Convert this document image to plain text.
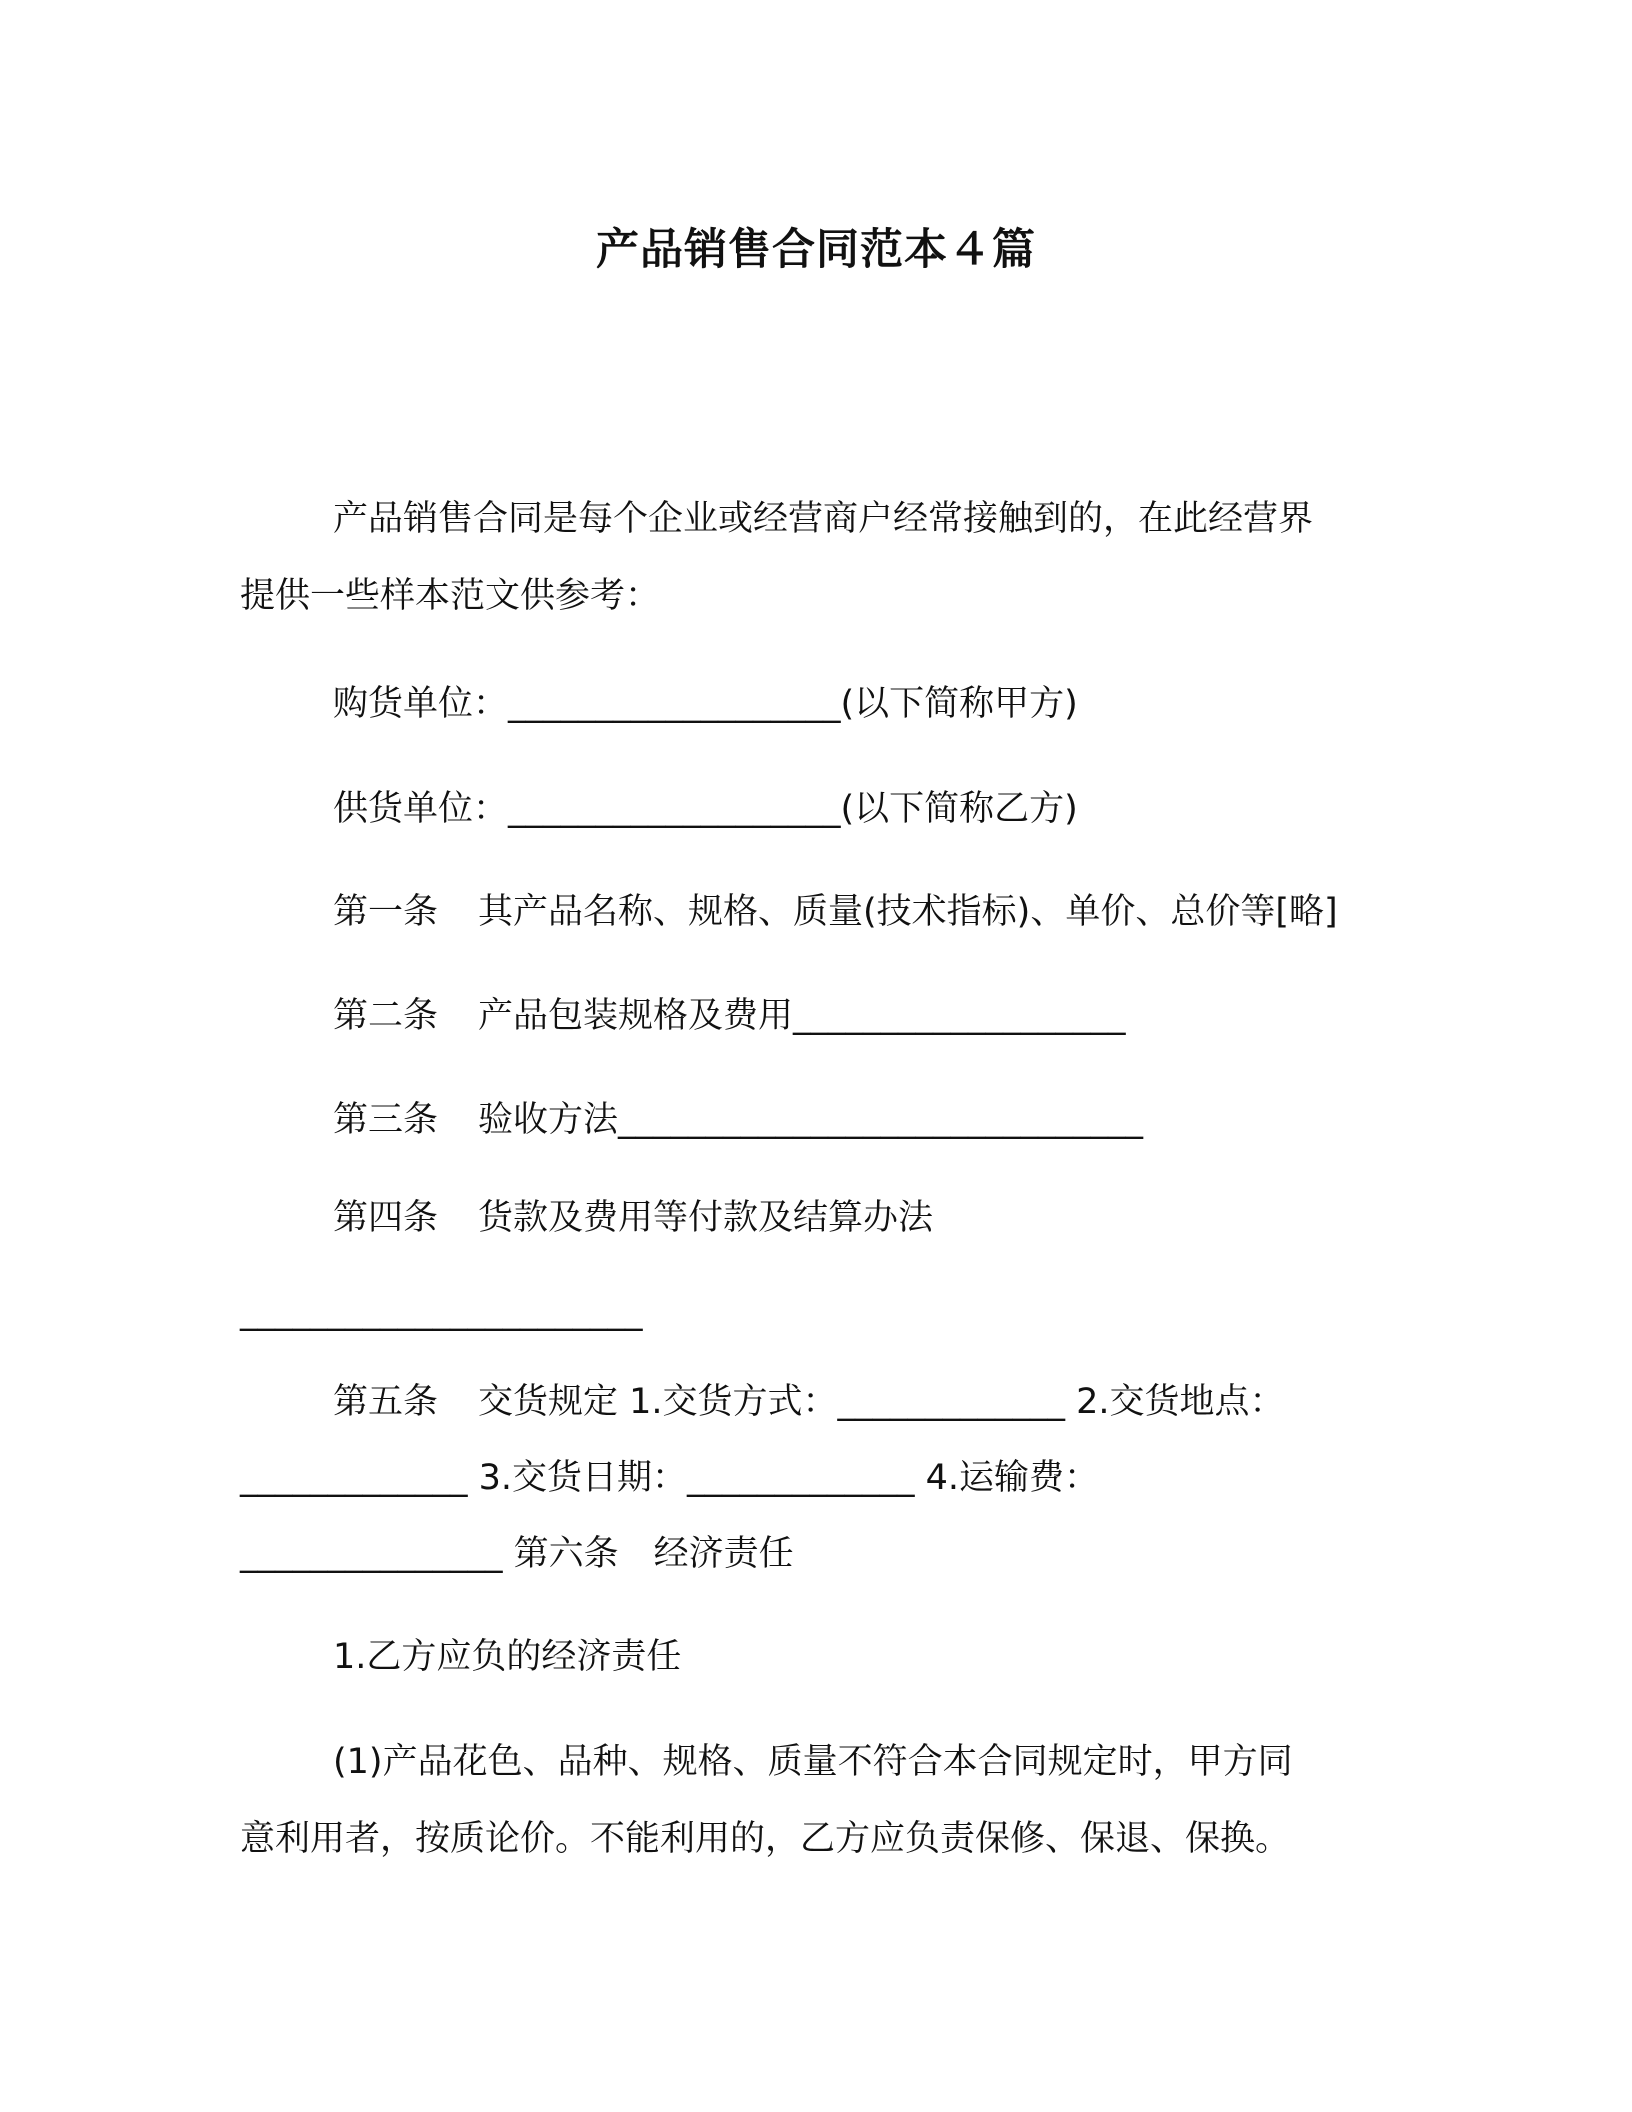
产品销售合同范本４篇
产品销售合同是每个企业或经营商户经常接触到的，在此经营界
提供一些样本范文供参考：
购货单位：___________________(以下简称甲方)
供货单位：___________________(以下简称乙方)
第一条 其产品名称、规格、质量(技术指标)、单价、总价等[略]
第二条 产品包装规格及费用___________________
第三条 验收方法______________________________
第四条 货款及费用等付款及结算办法
_______________________
第五条 交货规定 1.交货方式：_____________ 2.交货地点：
_____________ 3.交货日期：_____________ 4.运输费：
_______________ 第六条　经济责任
1.乙方应负的经济责任
(1)产品花色、品种、规格、质量不符合本合同规定时，甲方同
意利用者，按质论价。不能利用的，乙方应负责保修、保退、保换。
